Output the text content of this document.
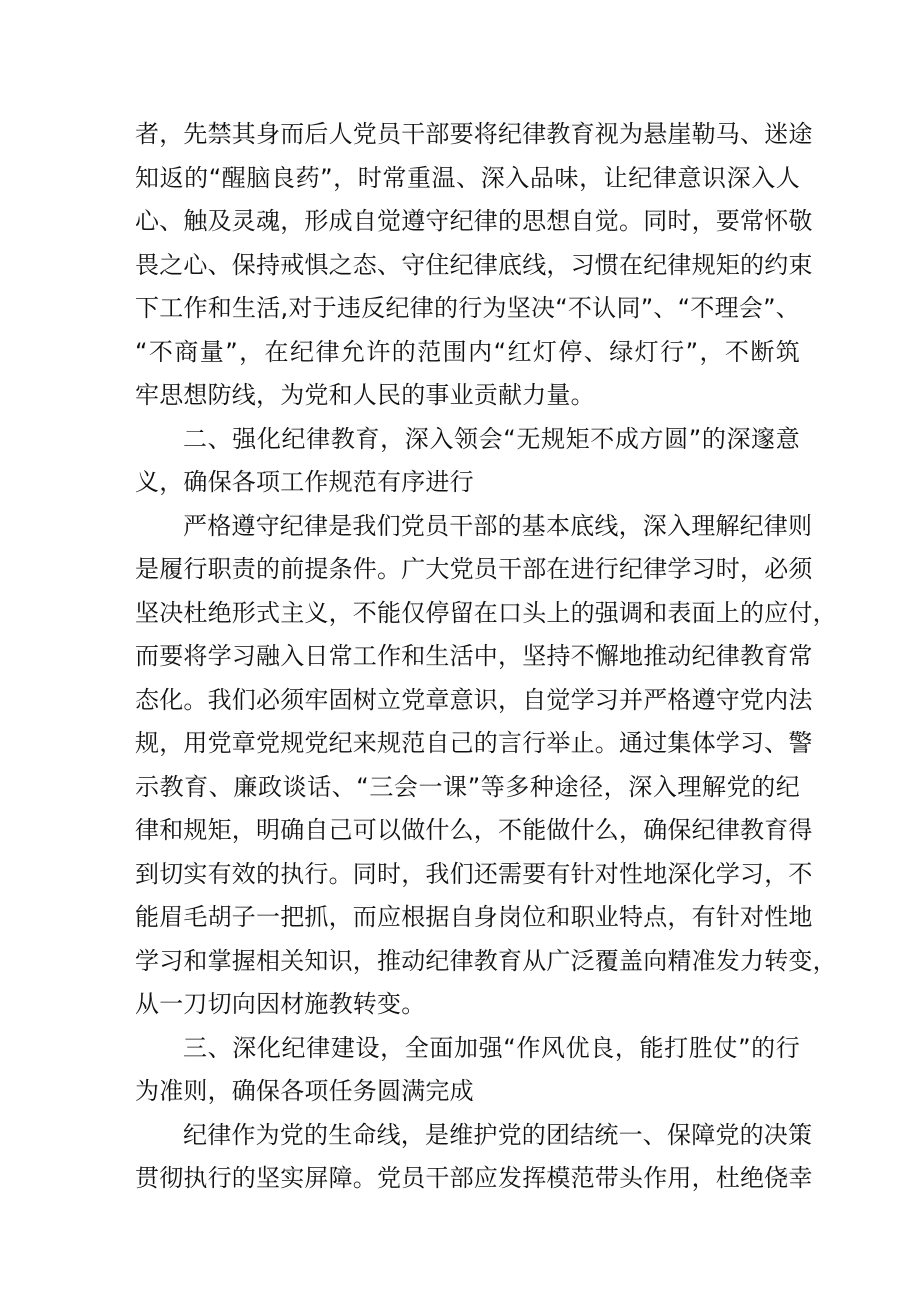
者，先禁其身而后人党员干部要将纪律教育视为悬崖勒马、迷途
知返的“醒脑良药”，时常重温、深入品味，让纪律意识深入人
心、触及灵魂，形成自觉遵守纪律的思想自觉。同时，要常怀敬
畏之心、保持戒惧之态、守住纪律底线，习惯在纪律规矩的约束
下工作和生活,对于违反纪律的行为坚决“不认同”、“不理会”、
“不商量”，在纪律允许的范围内“红灯停、绿灯行”，不断筑
牢思想防线，为党和人民的事业贡献力量。
二、强化纪律教育，深入领会“无规矩不成方圆”的深邃意
义，确保各项工作规范有序进行
严格遵守纪律是我们党员干部的基本底线，深入理解纪律则
是履行职责的前提条件。广大党员干部在进行纪律学习时，必须
坚决杜绝形式主义，不能仅停留在口头上的强调和表面上的应付，
而要将学习融入日常工作和生活中，坚持不懈地推动纪律教育常
态化。我们必须牢固树立党章意识，自觉学习并严格遵守党内法
规，用党章党规党纪来规范自己的言行举止。通过集体学习、警
示教育、廉政谈话、“三会一课”等多种途径，深入理解党的纪
律和规矩，明确自己可以做什么，不能做什么，确保纪律教育得
到切实有效的执行。同时，我们还需要有针对性地深化学习，不
能眉毛胡子一把抓，而应根据自身岗位和职业特点，有针对性地
学习和掌握相关知识，推动纪律教育从广泛覆盖向精准发力转变，
从一刀切向因材施教转变。
三、深化纪律建设，全面加强“作风优良，能打胜仗”的行
为准则，确保各项任务圆满完成
纪律作为党的生命线，是维护党的团结统一、保障党的决策
贯彻执行的坚实屏障。党员干部应发挥模范带头作用，杜绝侥幸
